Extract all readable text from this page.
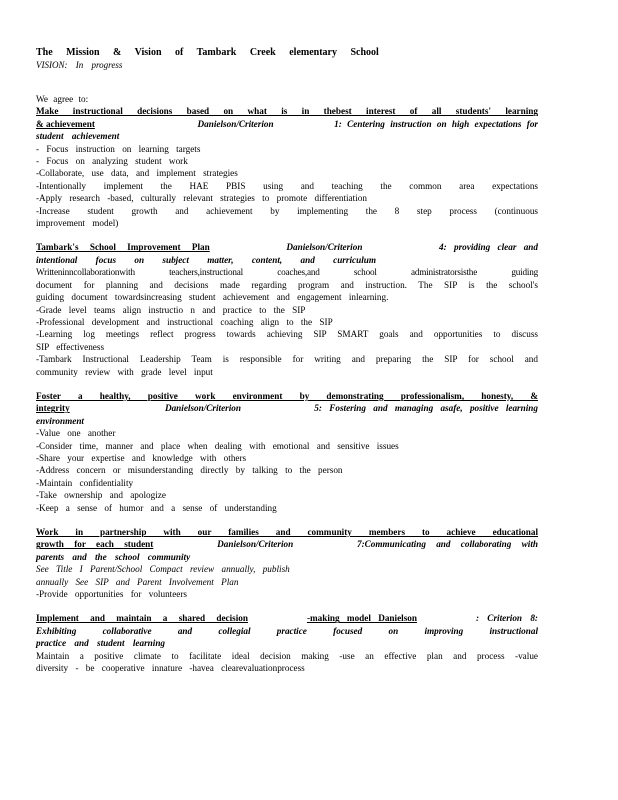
The Mission & Vision of Tambark Creek elementary School
VISION: In progress
We agree to:
Make instructional decisions based on what is in thebest interest of all students' learning
& achievement	Danielson/Criterion	1: Centering instruction on high expectations for
student achievement
- Focus instruction on learning targets
- Focus on analyzing student work
-Collaborate, use data, and implement strategies
-Intentionally implement the HAE PBIS using and teaching the common area expectations
-Apply research -based, culturally relevant strategies to promote differentiation
-Increase student growth and achievement by implementing the 8 step process (continuous
improvement model)
Tambark's School Improvement Plan	Danielson/Criterion	4: providing clear and
intentional focus on subject matter, content, and curriculum
Writteninncollaborationwith teachers,instructional coaches,and school administratorsisthe guiding
document for planning and decisions made regarding program and instruction. The SIP is the school's
guiding document towardsincreasing student achievement and engagement inlearning.
-Grade level teams align instructio n and practice to the SIP
-Professional development and instructional coaching align to the SIP
-Learning log meetings reflect progress towards achieving SIP SMART goals and opportunities to discuss
SIP effectiveness
-Tambark Instructional Leadership Team is responsible for writing and preparing the SIP for school and
community review with grade level input
Foster a healthy, positive work environment by demonstrating professionalism, honesty, &
integrity	Danielson/Criterion	5: Fostering and managing asafe, positive learning
environment
-Value one another
-Consider time, manner and place when dealing with emotional and sensitive issues
-Share your expertise and knowledge with others
-Address concern or misunderstanding directly by talking to the person
-Maintain confidentiality
-Take ownership and apologize
-Keep a sense of humor and a sense of understanding
Work in partnership with our families and community members to achieve educational
growth for each student	Danielson/Criterion	7:Communicating and collaborating with
parents and the school community
See Title I Parent/School Compact review annually, publish
annually See SIP and Parent Involvement Plan
-Provide opportunities for volunteers
Implement and maintain a shared decision	-making model Danielson	: Criterion 8:
Exhibiting collaborative and collegial practice focused on improving instructional
practice and student learning
Maintain a positive climate to facilitate ideal decision making -use an effective plan and process -value
diversity - be cooperative innature -havea clearevaluationprocess
